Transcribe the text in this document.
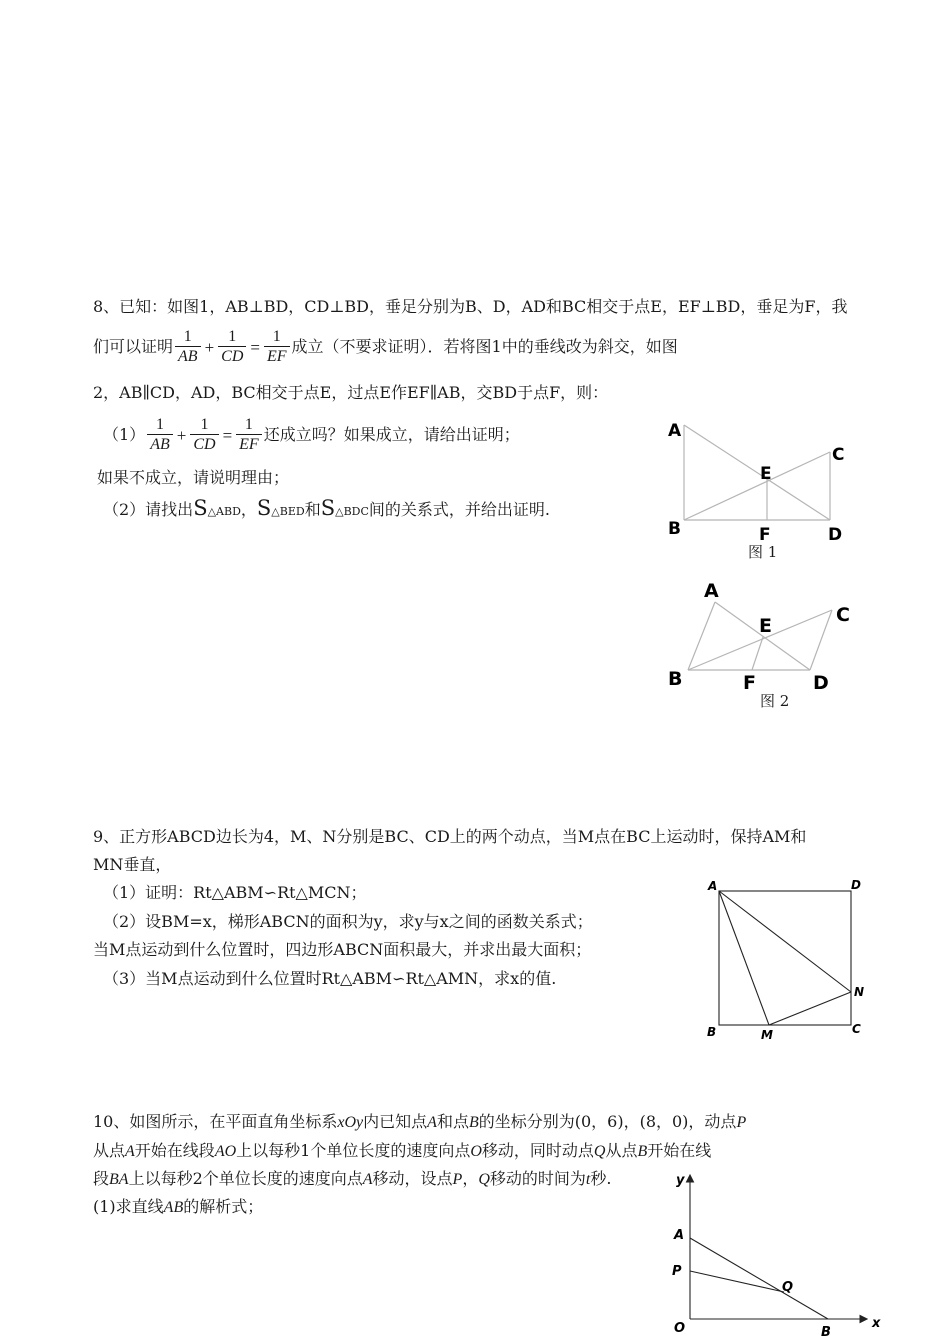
8、已知：如图1，AB⊥BD，CD⊥BD，垂足分别为B、D，AD和BC相交于点E，EF⊥BD，垂足为F，我
们可以证明 $\frac{1}{AB} + \frac{1}{CD} = \frac{1}{EF}$ 成立（不要求证明）．若将图1中的垂线改为斜交，如图
2，AB∥CD，AD，BC相交于点E，过点E作EF∥AB，交BD于点F，则：
$(1) \frac{1}{AB} + \frac{1}{CD} = \frac{1}{EF}$ 还成立吗？如果成立，请给出证明；
如果不成立，请说明理由；
（2）请找出S△ABD，S△BED和S△BDC间的关系式，并给出证明.
A
C
E
B	F	D
图 1
A
C
E
B	F	D
图 2
9、正方形ABCD边长为4，M、N分别是BC、CD上的两个动点，当M点在BC上运动时，保持AM和
MN垂直，
（1）证明：Rt△ABM∽Rt△MCN；
（2）设BM=x，梯形ABCN的面积为y，求y与x之间的函数关系式；
当M点运动到什么位置时，四边形ABCN面积最大，并求出最大面积；
（3）当M点运动到什么位置时Rt△ABM∽Rt△AMN，求x的值.
A	D
N
B	M	C
10、如图所示，在平面直角坐标系xOy内已知点A和点B的坐标分别为(0，6)，(8，0)，动点P
从点A开始在线段AO上以每秒1个单位长度的速度向点O移动，同时动点Q从点B开始在线
段BA上以每秒2个单位长度的速度向点A移动，设点P，Q移动的时间为t秒.
(1)求直线AB的解析式；
y
x
A
P
Q
O	B
